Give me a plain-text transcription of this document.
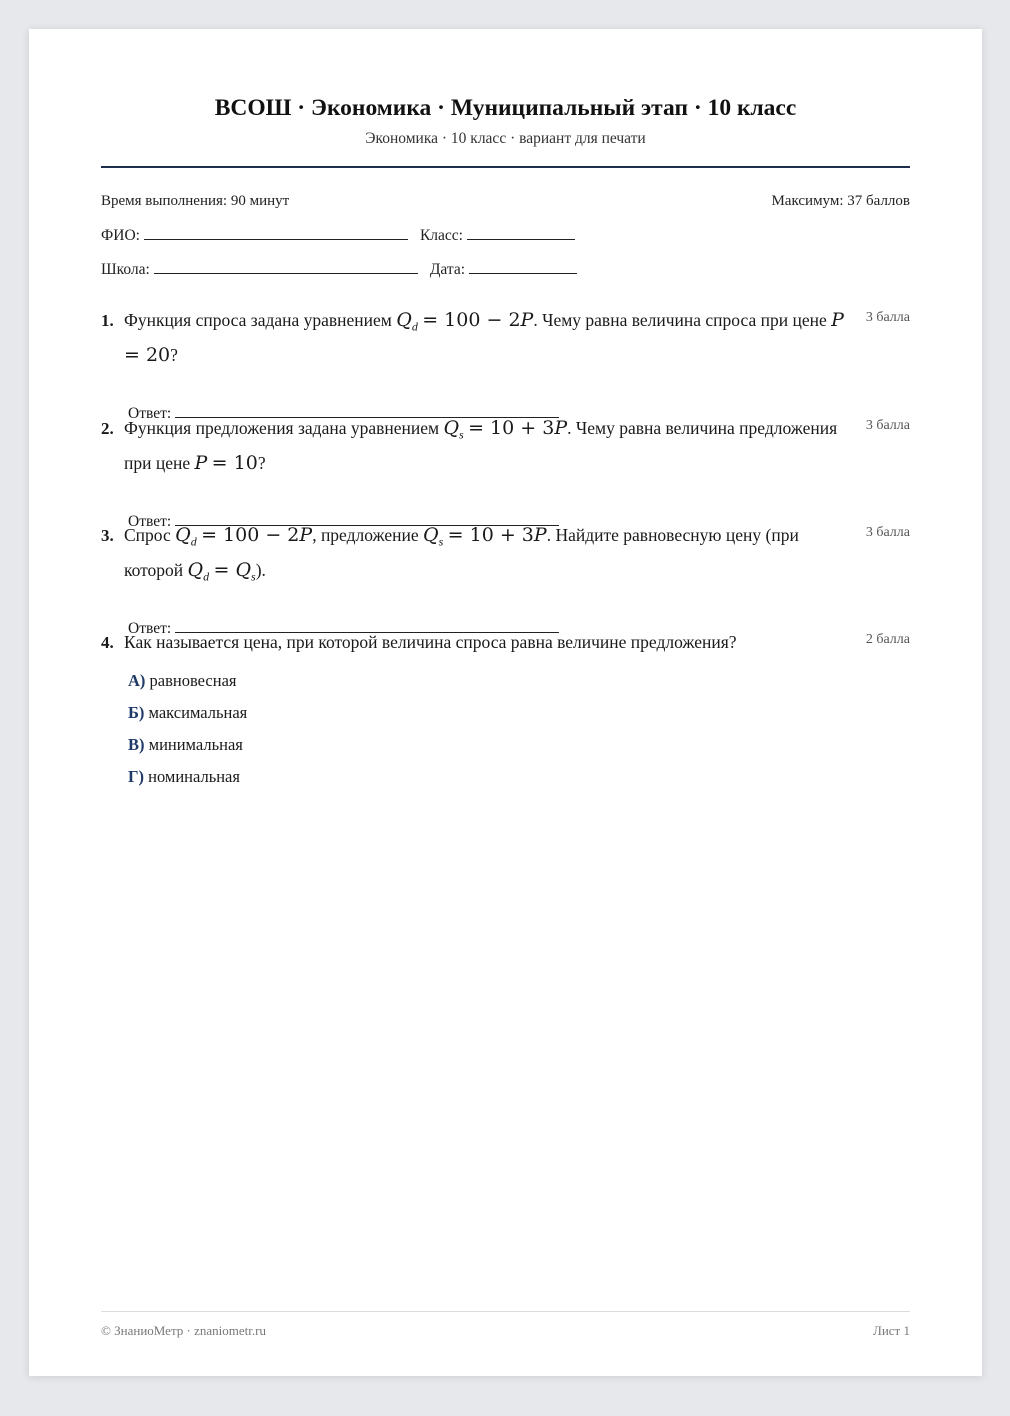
ВСОШ · Экономика · Муниципальный этап · 10 класс
Экономика · 10 класс · вариант для печати
Время выполнения: 90 минут	Максимум: 37 баллов
ФИО:	Класс:
Школа:	Дата:
1. Функция спроса задана уравнением $Q_d = 100 - 2P$. Чему равна величина спроса при цене P = 20?
3 балла
Ответ:
2. Функция предложения задана уравнением $Q_s = 10 + 3P$. Чему равна величина предложения при цене P = 10?
3 балла
Ответ:
3. Спрос $Q_d = 100 - 2P$, предложение $Q_s = 10 + 3P$. Найдите равновесную цену (при которой $Q_d = Q_s$).
3 балла
Ответ:
4. Как называется цена, при которой величина спроса равна величине предложения?	2 балла
А) равновесная
Б) максимальная
В) минимальная
Г) номинальная
© ЗнаниоМетр · znaniometr.ru	Лист 1
